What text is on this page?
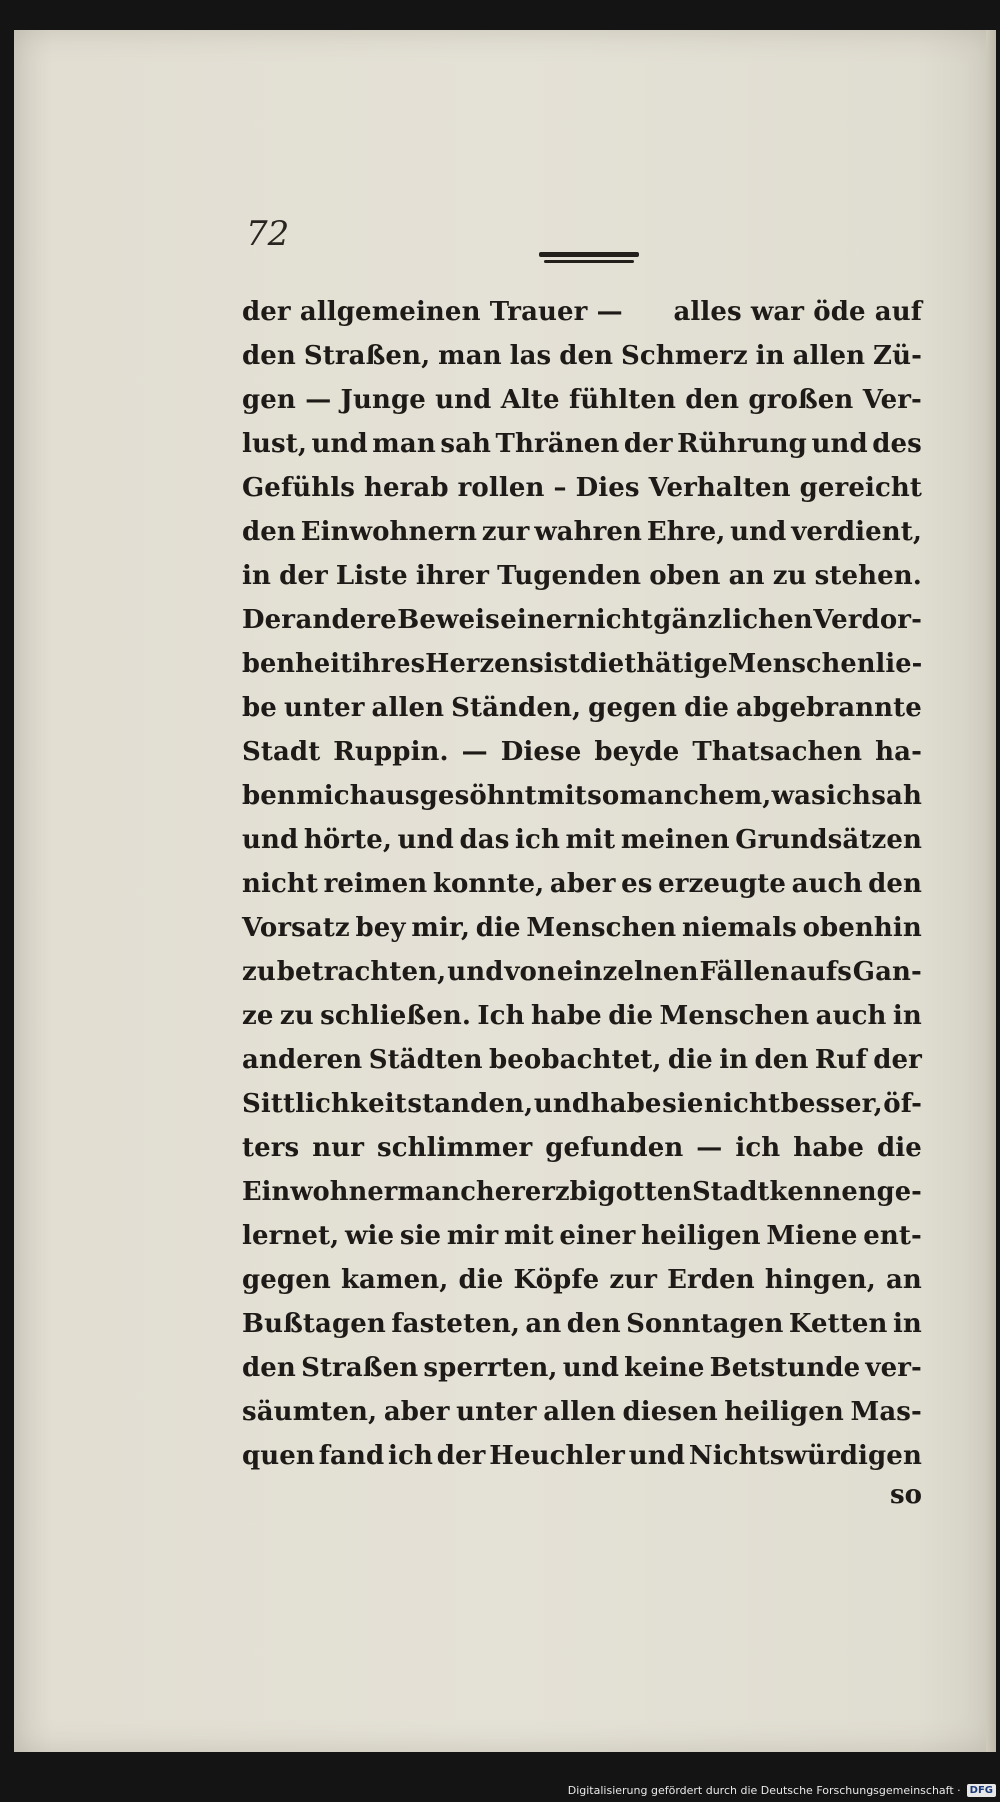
72
der allgemeinen Trauer — alles war öde auf
den Straßen, man las den Schmerz in allen Zü-
gen — Junge und Alte fühlten den großen Ver-
lust, und man sah Thränen der Rührung und des
Gefühls herab rollen – Dies Verhalten gereicht
den Einwohnern zur wahren Ehre, und verdient,
in der Liste ihrer Tugenden oben an zu stehen.
Der andere Beweis einer nicht gänzlichen Verdor-
benheit ihres Herzens ist die thätige Menschenlie-
be unter allen Ständen, gegen die abgebrannte
Stadt Ruppin. — Diese beyde Thatsachen ha-
ben mich ausgesöhnt mit so manchem, was ich sah
und hörte, und das ich mit meinen Grundsätzen
nicht reimen konnte, aber es erzeugte auch den
Vorsatz bey mir, die Menschen niemals obenhin
zu betrachten, und von einzelnen Fällen aufs Gan-
ze zu schließen. Ich habe die Menschen auch in
anderen Städten beobachtet, die in den Ruf der
Sittlichkeit standen, und habe sie nicht besser, öf-
ters nur schlimmer gefunden — ich habe die
Einwohner mancher erzbigotten Stadt kennen ge-
lernet, wie sie mir mit einer heiligen Miene ent-
gegen kamen, die Köpfe zur Erden hingen, an
Bußtagen fasteten, an den Sonntagen Ketten in
den Straßen sperrten, und keine Betstunde ver-
säumten, aber unter allen diesen heiligen Mas-
quen fand ich der Heuchler und Nichtswürdigen
so
Digitalisierung gefördert durch die Deutsche Forschungsgemeinschaft · DFG
